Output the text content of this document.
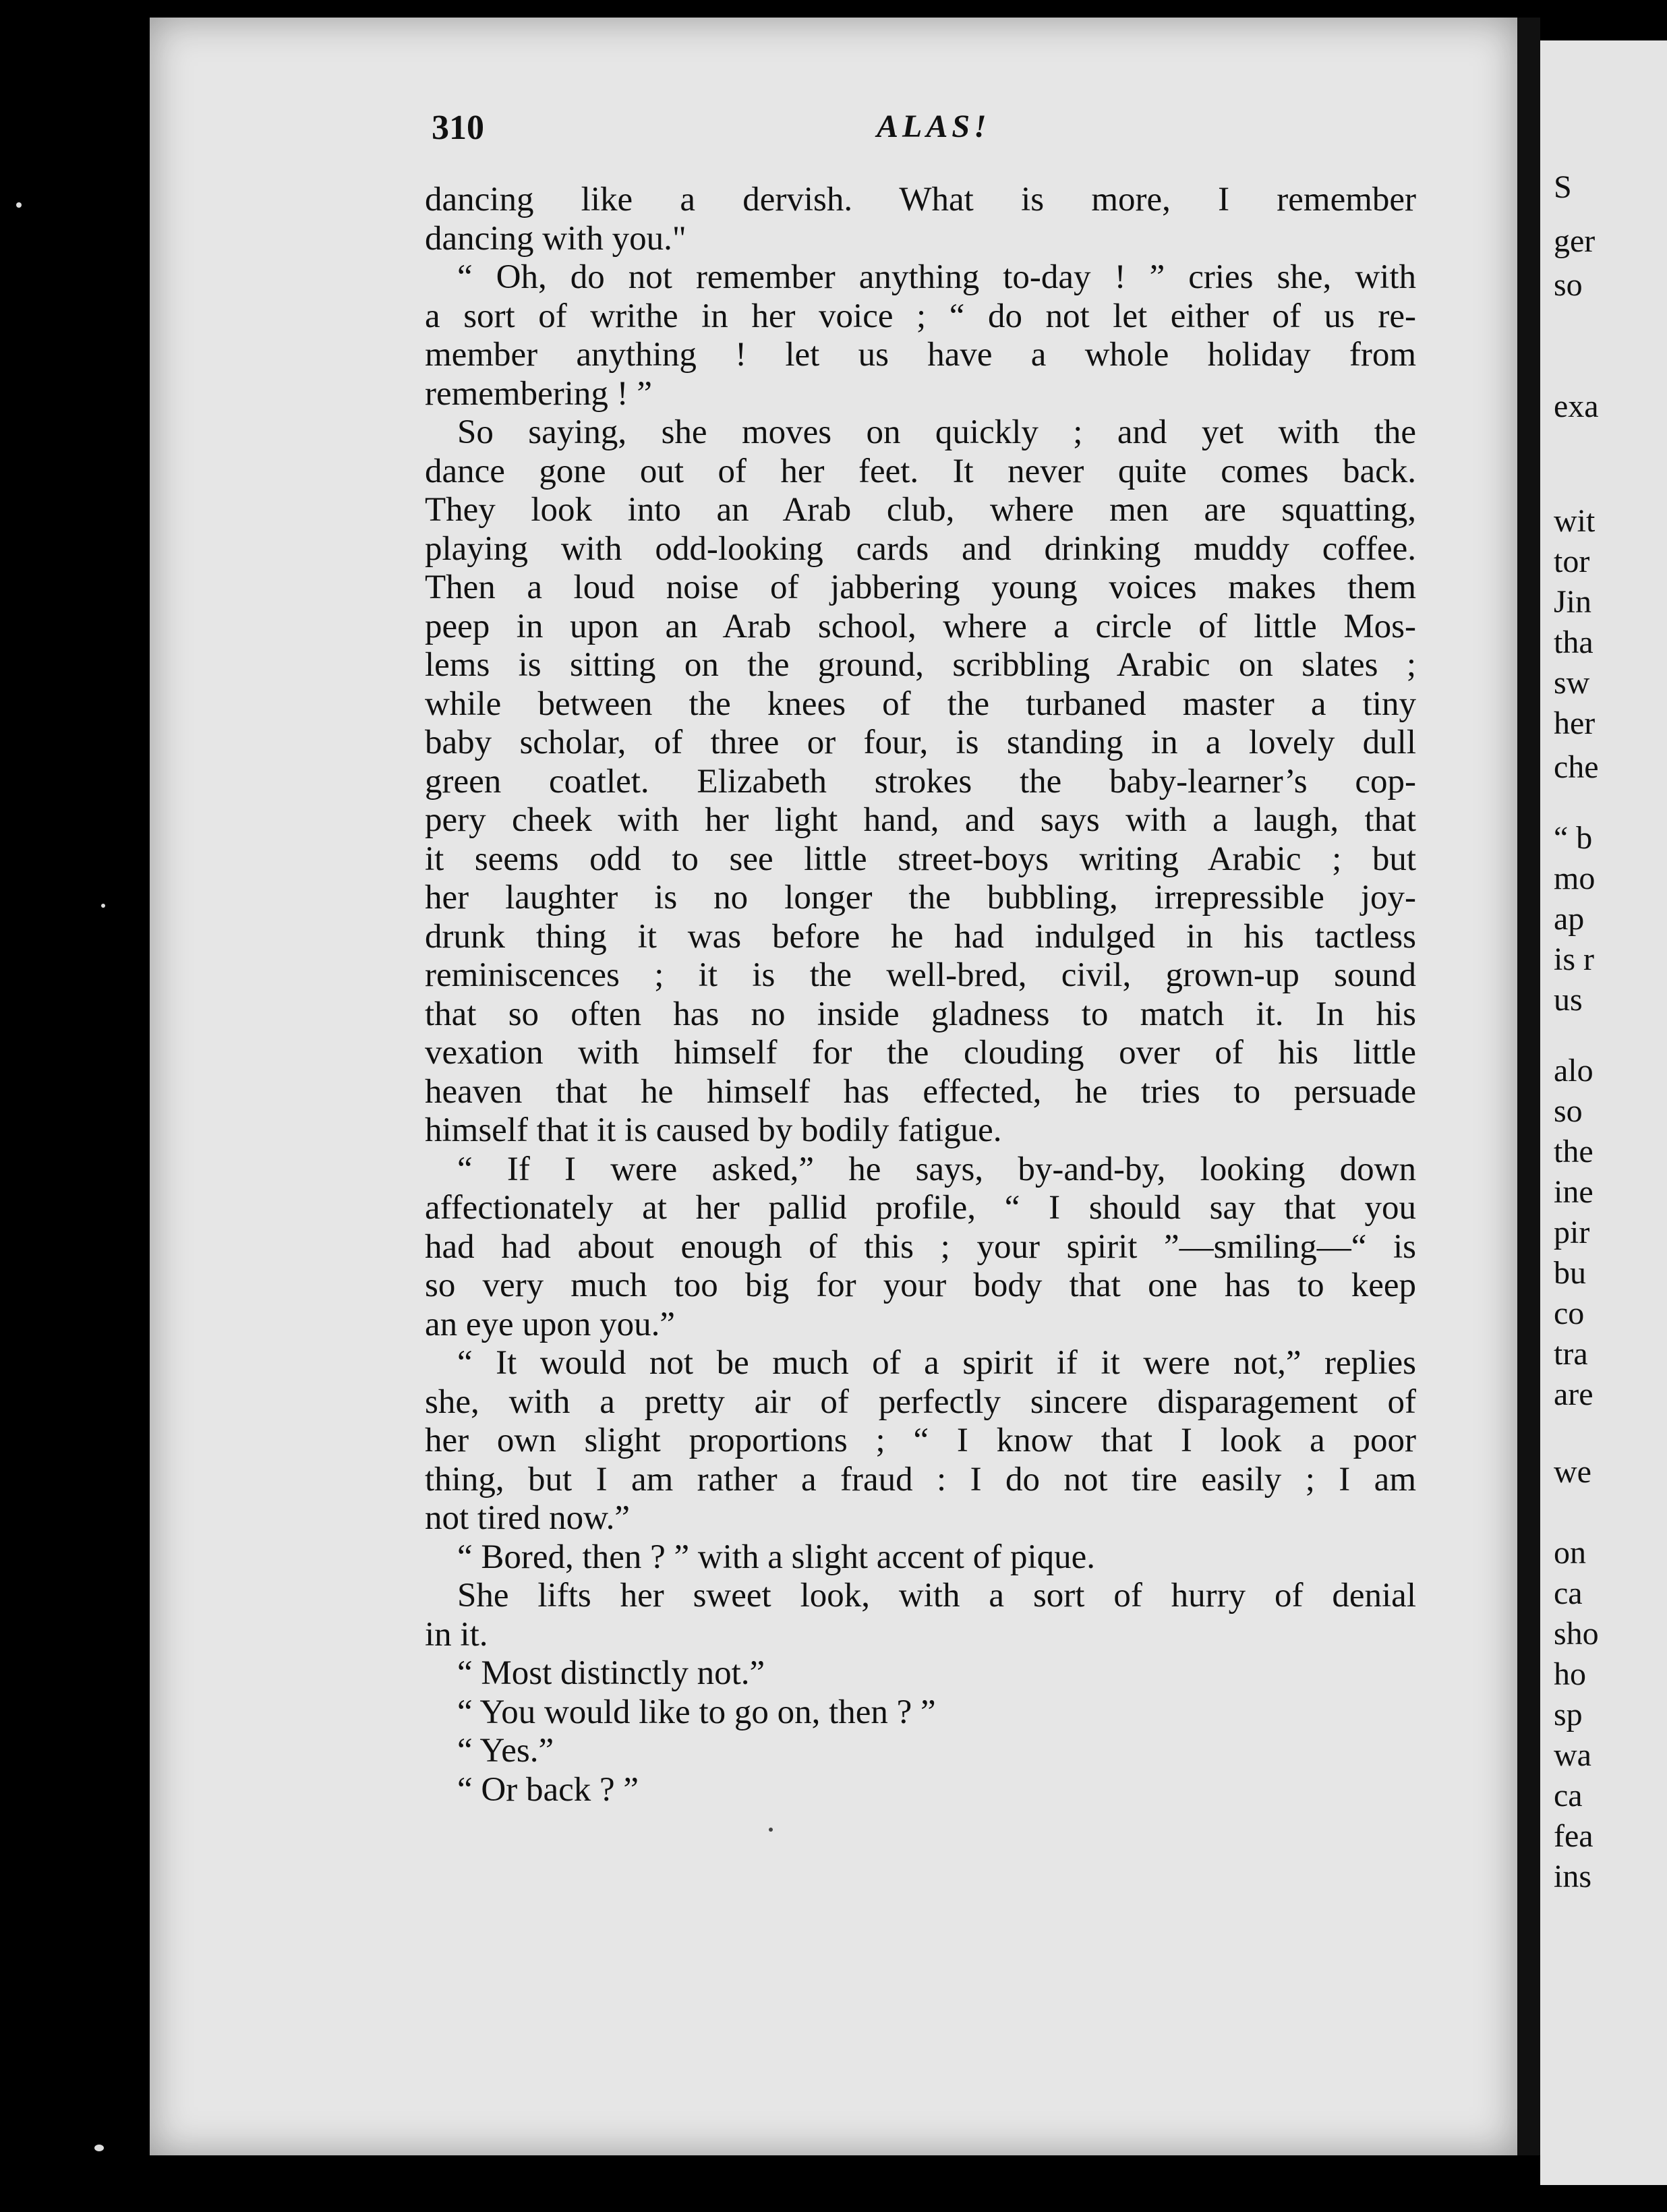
S
ger
so
exa
wit
tor
Jin
tha
sw
her
che
“ b
mo
ap
is r
us
alo
so
the
ine
pir
bu
co
tra
are
we
on
ca
sho
ho
sp
wa
ca
fea
ins
310	ALAS!
dancing like a dervish. What is more, I remember
dancing with you."
“ Oh, do not remember anything to-day ! ” cries she, with
a sort of writhe in her voice ; “ do not let either of us re-
member anything ! let us have a whole holiday from
remembering ! ”
So saying, she moves on quickly ; and yet with the
dance gone out of her feet. It never quite comes back.
They look into an Arab club, where men are squatting,
playing with odd-looking cards and drinking muddy coffee.
Then a loud noise of jabbering young voices makes them
peep in upon an Arab school, where a circle of little Mos-
lems is sitting on the ground, scribbling Arabic on slates ;
while between the knees of the turbaned master a tiny
baby scholar, of three or four, is standing in a lovely dull
green coatlet. Elizabeth strokes the baby-learner’s cop-
pery cheek with her light hand, and says with a laugh, that
it seems odd to see little street-boys writing Arabic ; but
her laughter is no longer the bubbling, irrepressible joy-
drunk thing it was before he had indulged in his tactless
reminiscences ; it is the well-bred, civil, grown-up sound
that so often has no inside gladness to match it. In his
vexation with himself for the clouding over of his little
heaven that he himself has effected, he tries to persuade
himself that it is caused by bodily fatigue.
“ If I were asked,” he says, by-and-by, looking down
affectionately at her pallid profile, “ I should say that you
had had about enough of this ; your spirit ”—smiling—“ is
so very much too big for your body that one has to keep
an eye upon you.”
“ It would not be much of a spirit if it were not,” replies
she, with a pretty air of perfectly sincere disparagement of
her own slight proportions ; “ I know that I look a poor
thing, but I am rather a fraud : I do not tire easily ; I am
not tired now.”
“ Bored, then ? ” with a slight accent of pique.
She lifts her sweet look, with a sort of hurry of denial
in it.
“ Most distinctly not.”
“ You would like to go on, then ? ”
“ Yes.”
“ Or back ? ”
